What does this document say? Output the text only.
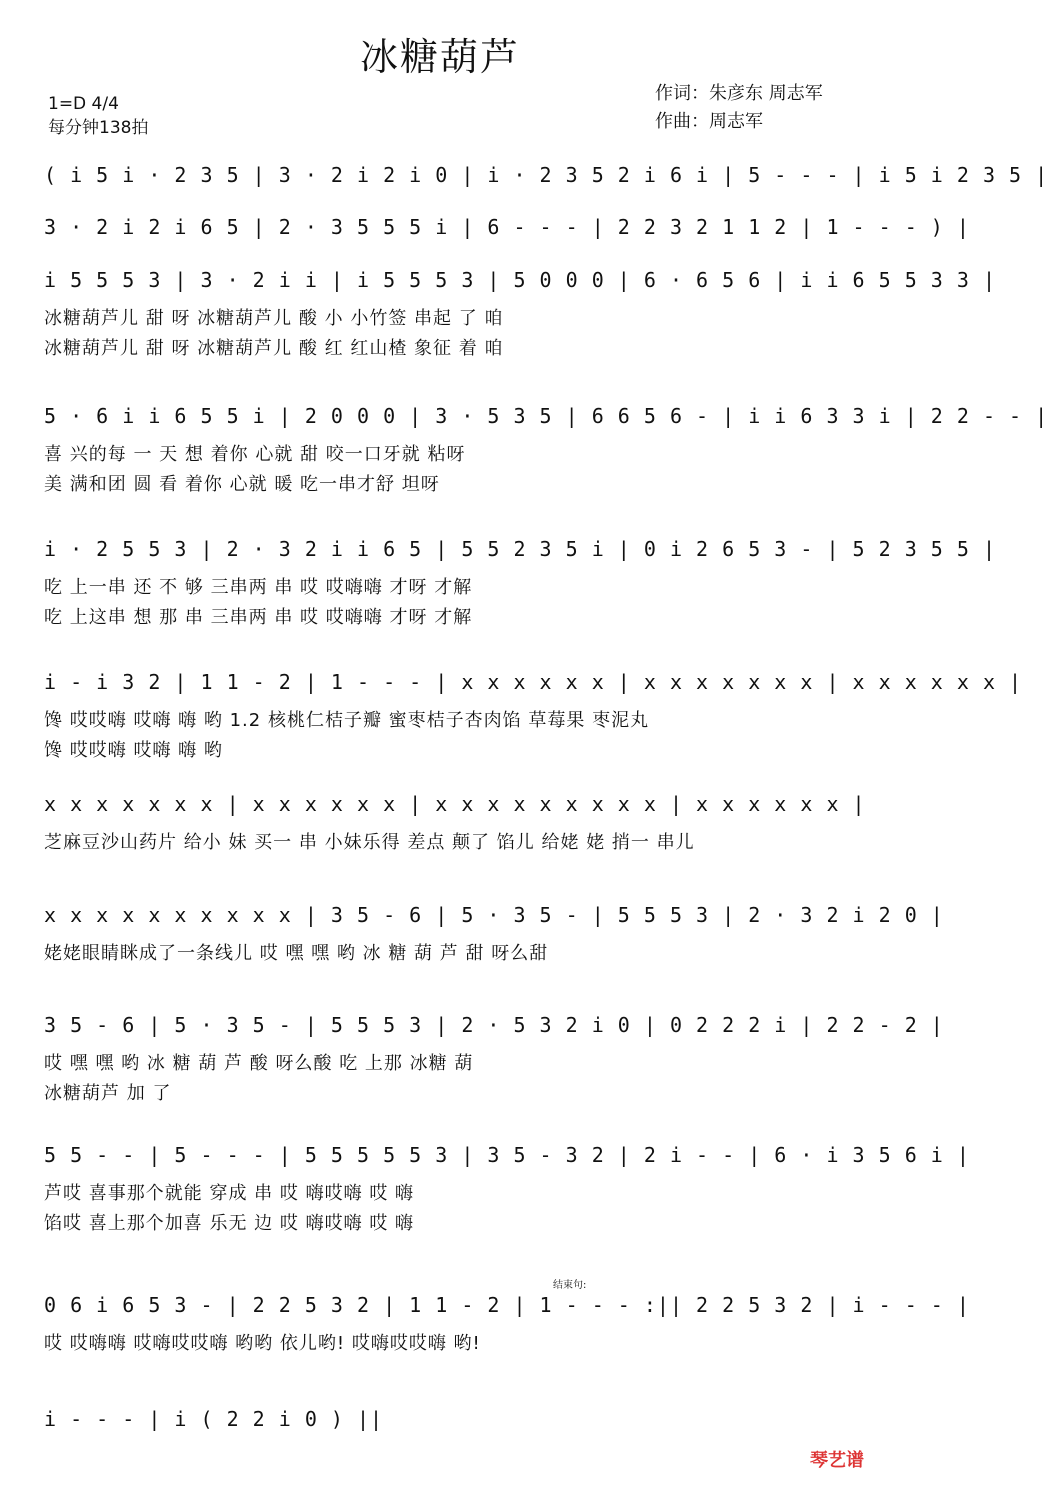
冰糖葫芦
1=D 4/4
每分钟138拍
作词：朱彦东 周志军
作曲：周志军
( i 5 i · 2 3 5 | 3 · 2 i 2 i 0 | i · 2 3 5 2 i 6 i | 5 - - - | i 5 i 2 3 5 |
3 · 2 i 2 i 6 5 | 2 · 3 5 5 5 i | 6 - - - | 2 2 3 2 1 1 2 | 1 - - - ) |
i 5 5 5 3 | 3 · 2 i i | i 5 5 5 3 | 5 0 0 0 | 6 · 6 5 6 | i i 6 5 5 3 3 |
冰糖葫芦儿 甜 呀 冰糖葫芦儿 酸 小 小竹签 串起 了 咱
冰糖葫芦儿 甜 呀 冰糖葫芦儿 酸 红 红山楂 象征 着 咱
5 · 6 i i 6 5 5 i | 2 0 0 0 | 3 · 5 3 5 | 6 6 5 6 - | i i 6 3 3 i | 2 2 - - |
喜 兴的每 一 天 想 着你 心就 甜 咬一口牙就 粘呀
美 满和团 圆 看 着你 心就 暖 吃一串才舒 坦呀
i · 2 5 5 3 | 2 · 3 2 i i 6 5 | 5 5 2 3 5 i | 0 i 2 6 5 3 - | 5 2 3 5 5 |
吃 上一串 还 不 够 三串两 串 哎 哎嗨嗨 才呀 才解
吃 上这串 想 那 串 三串两 串 哎 哎嗨嗨 才呀 才解
i - i 3 2 | 1 1 - 2 | 1 - - - | x x x x x x | x x x x x x x | x x x x x x |
馋 哎哎嗨 哎嗨 嗨 哟 1.2 核桃仁桔子瓣 蜜枣桔子杏肉馅 草莓果 枣泥丸
馋 哎哎嗨 哎嗨 嗨 哟
x x x x x x x | x x x x x x | x x x x x x x x x | x x x x x x |
芝麻豆沙山药片 给小 妹 买一 串 小妹乐得 差点 颠了 馅儿 给姥 姥 捎一 串儿
x x x x x x x x x x | 3 5 - 6 | 5 · 3 5 - | 5 5 5 3 | 2 · 3 2 i 2 0 |
姥姥眼睛眯成了一条线儿 哎 嘿 嘿 哟 冰 糖 葫 芦 甜 呀么甜
3 5 - 6 | 5 · 3 5 - | 5 5 5 3 | 2 · 5 3 2 i 0 | 0 2 2 2 i | 2 2 - 2 |
哎 嘿 嘿 哟 冰 糖 葫 芦 酸 呀么酸 吃 上那 冰糖 葫
冰糖葫芦 加 了
5 5 - - | 5 - - - | 5 5 5 5 5 3 | 3 5 - 3 2 | 2 i - - | 6 · i 3 5 6 i |
芦哎 喜事那个就能 穿成 串 哎 嗨哎嗨 哎 嗨
馅哎 喜上那个加喜 乐无 边 哎 嗨哎嗨 哎 嗨
0 6 i 6 5 3 - | 2 2 5 3 2 | 1 1 - 2 | 1 - - - :|| 2 2 5 3 2 | i - - - |
哎 哎嗨嗨 哎嗨哎哎嗨 哟哟 依儿哟! 哎嗨哎哎嗨 哟!
i - - - | i ( 2 2 i 0 ) ||
结束句:
琴艺谱
